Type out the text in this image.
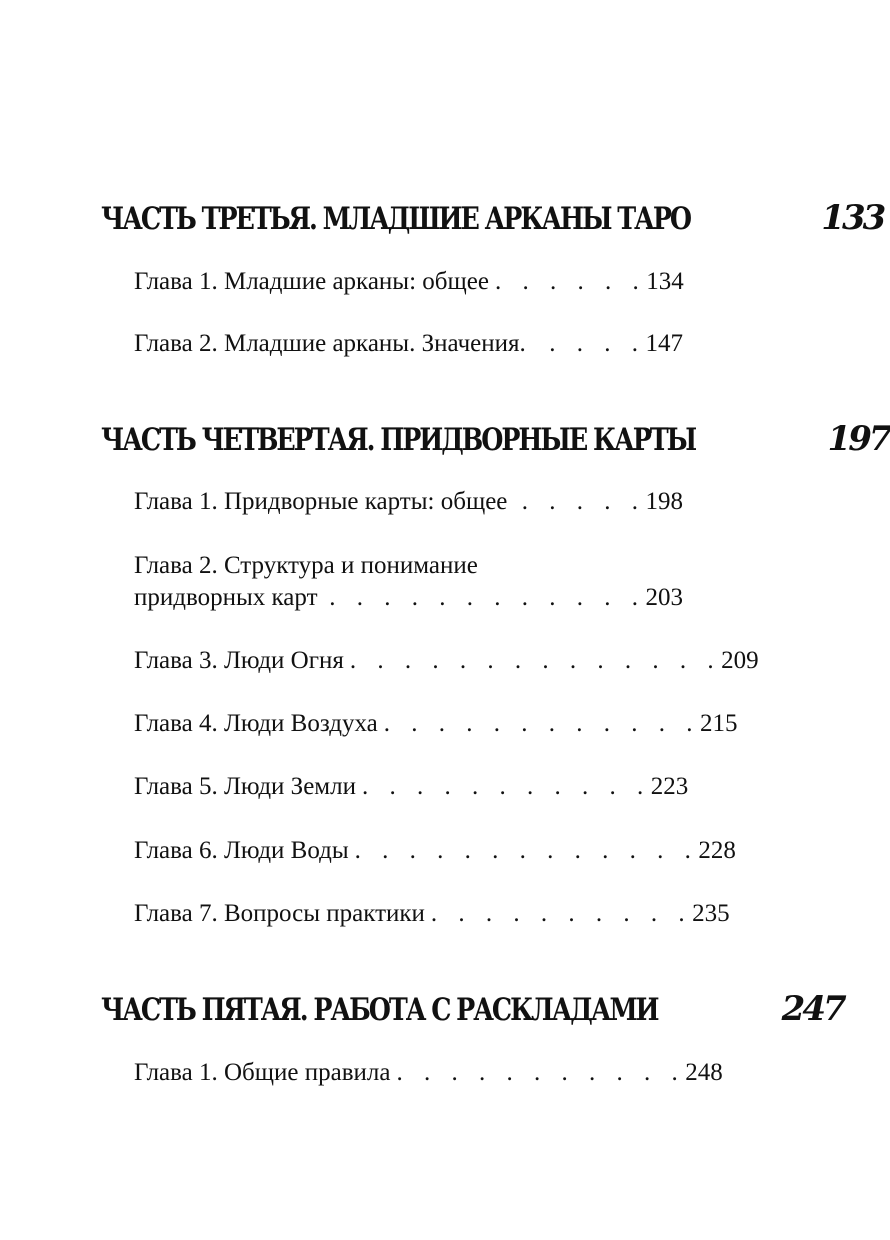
ЧАСТЬ ТРЕТЬЯ. МЛАДШИЕ АРКАНЫ ТАРО	133
Глава 1. Младшие арканы: общее . . . . . . 134
Глава 2. Младшие арканы. Значения. . . . . 147
ЧАСТЬ ЧЕТВЕРТАЯ. ПРИДВОРНЫЕ КАРТЫ	197
Глава 1. Придворные карты: общее . . . . . 198
Глава 2. Структура и понимание
придворных карт . . . . . . . . . . . . 203
Глава 3. Люди Огня . . . . . . . . . . . . . . 209
Глава 4. Люди Воздуха . . . . . . . . . . . . 215
Глава 5. Люди Земли . . . . . . . . . . . 223
Глава 6. Люди Воды . . . . . . . . . . . . . 228
Глава 7. Вопросы практики . . . . . . . . . . 235
ЧАСТЬ ПЯТАЯ. РАБОТА С РАСКЛАДАМИ	247
Глава 1. Общие правила . . . . . . . . . . . 248
